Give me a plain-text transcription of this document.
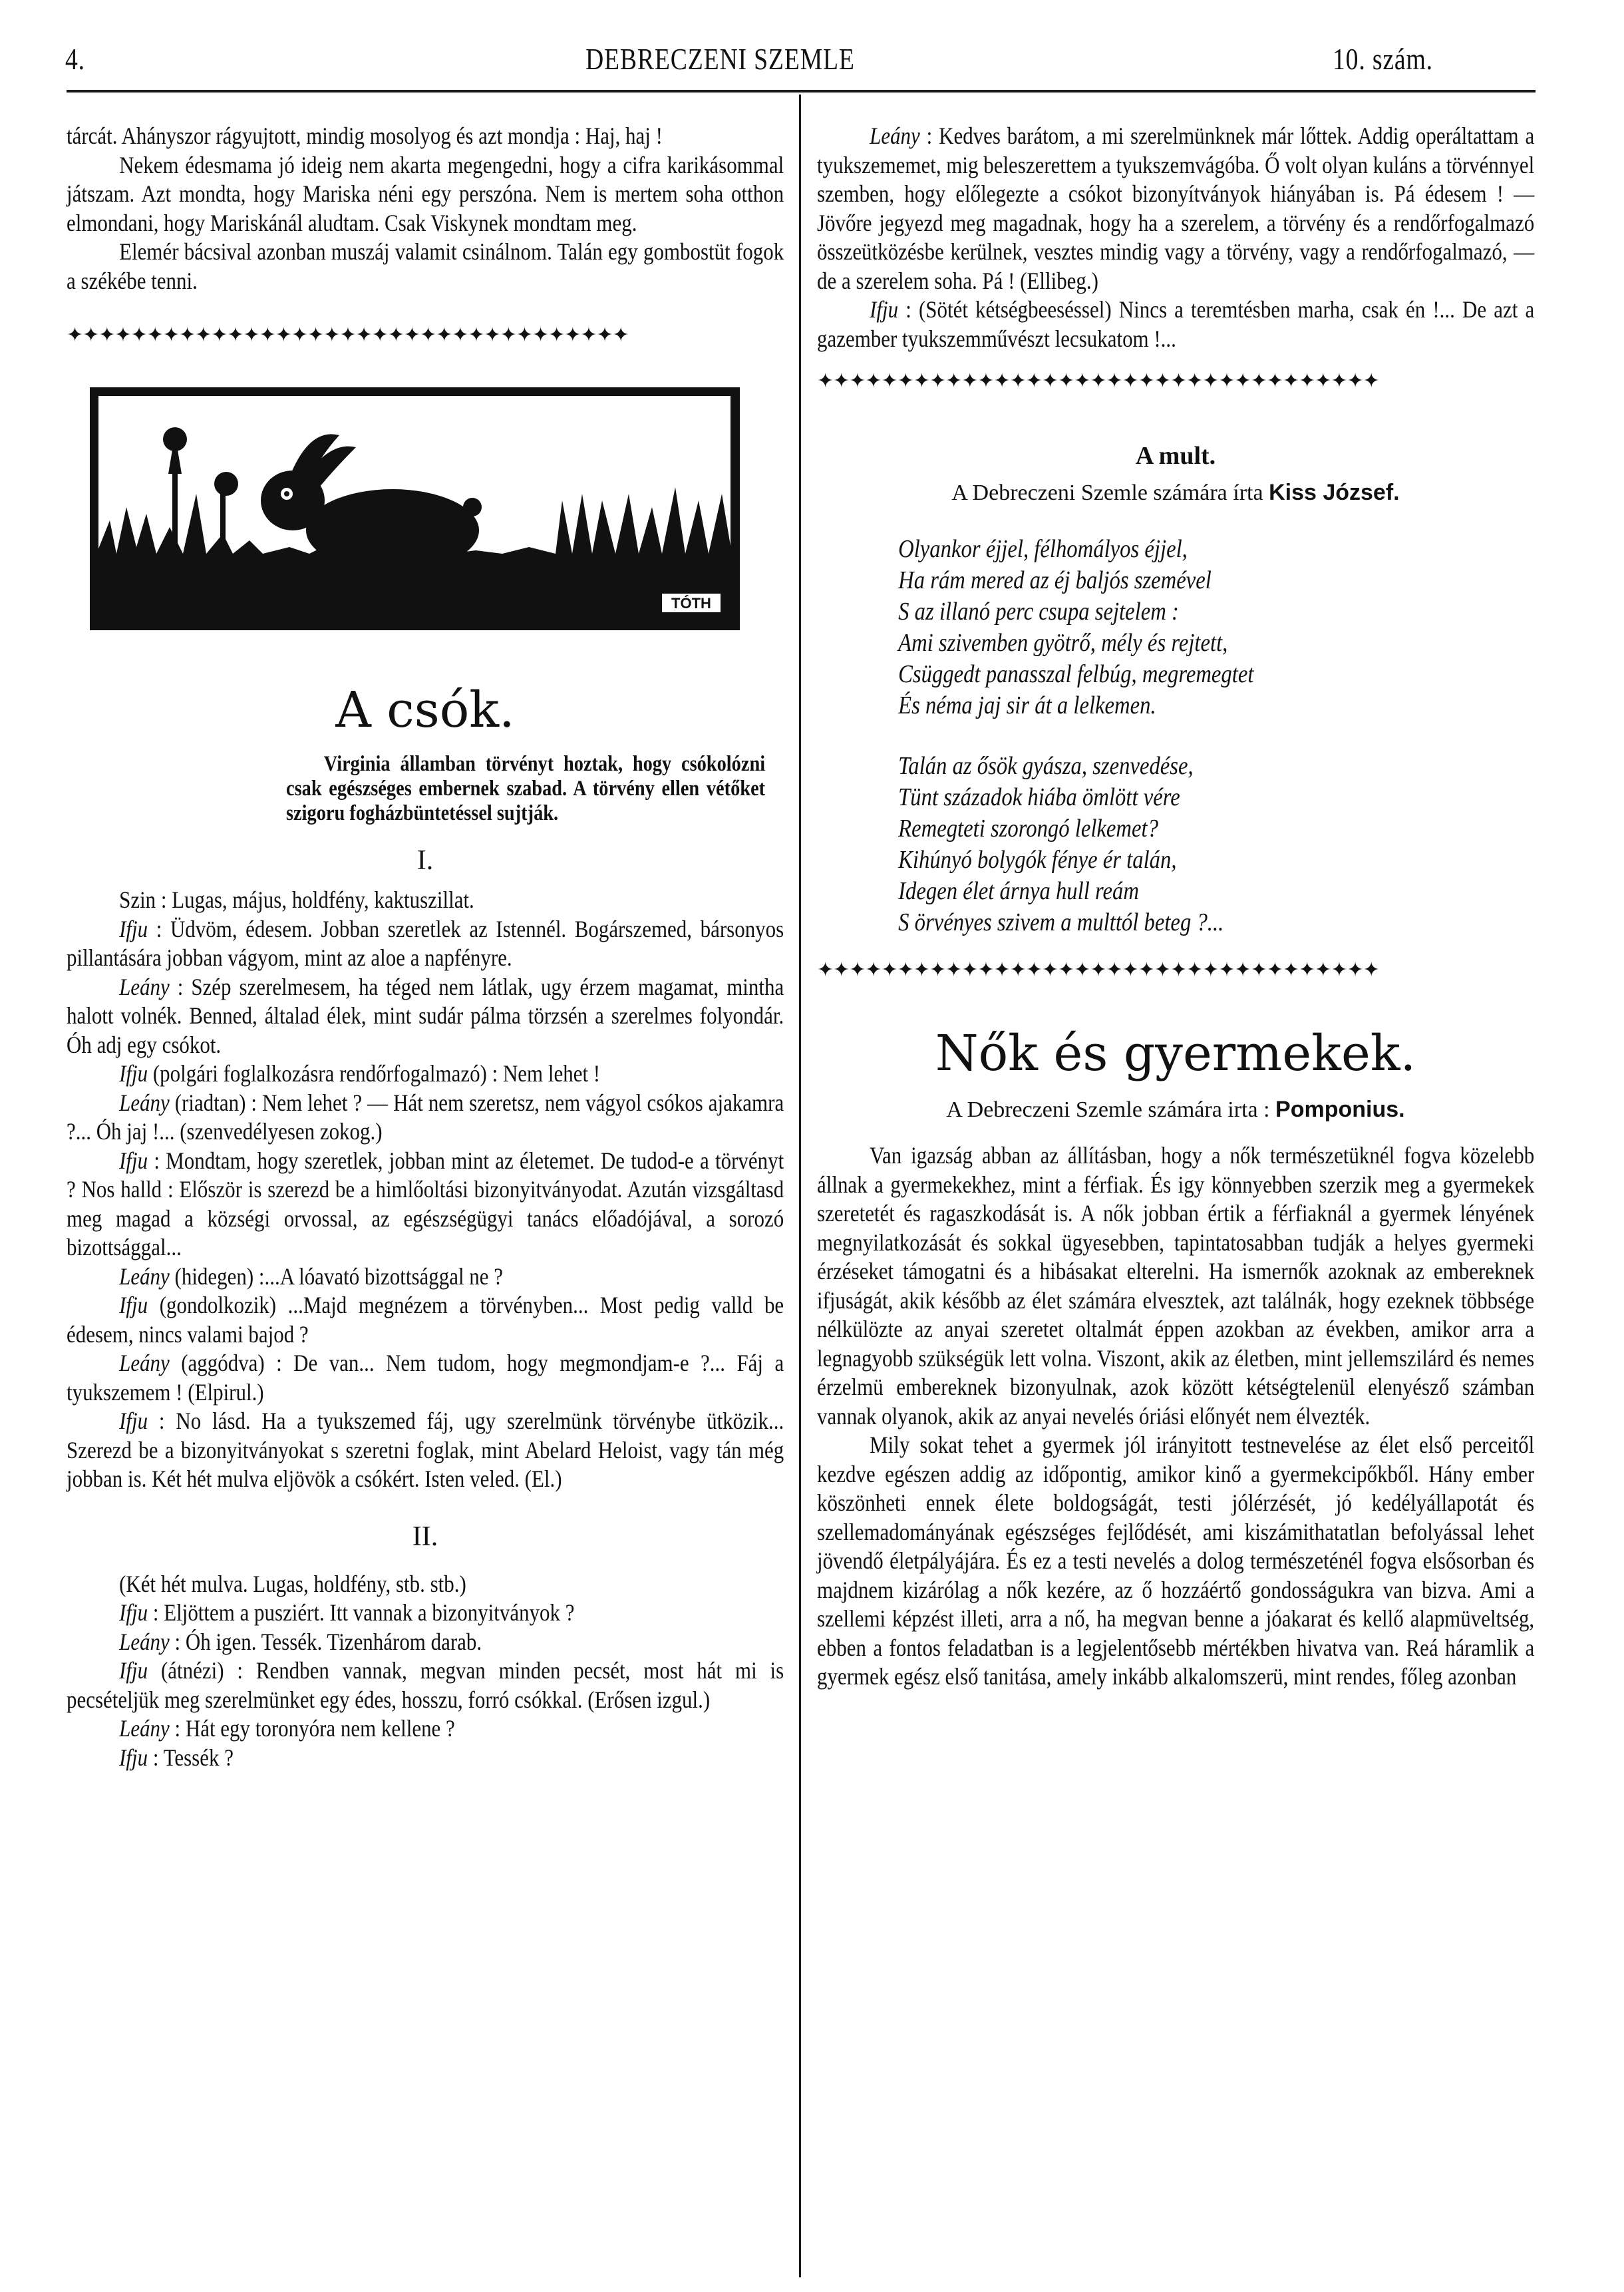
4.	DEBRECZENI SZEMLE	10. szám.

tárcát. Ahányszor rágyujtott, mindig mosolyog és azt mondja : Haj, haj !

Nekem édesmama jó ideig nem akarta megengedni, hogy a cifra karikásommal játszam. Azt mondta, hogy Mariska néni egy perszóna. Nem is mertem soha otthon elmondani, hogy Mariskánál aludtam. Csak Viskynek mondtam meg.

Elemér bácsival azonban muszáj valamit csinálnom. Talán egy gombostüt fogok a székébe tenni.

✦✦✦✦✦✦✦✦✦✦✦✦✦✦✦✦✦✦✦✦✦✦✦✦✦✦✦✦✦✦✦✦✦✦✦

TÓTH

A csók.

Virginia államban törvényt hoztak, hogy csókolózni csak egészséges embernek szabad. A törvény ellen vétőket szigoru fogházbüntetéssel sujtják.

I.

Szin : Lugas, május, holdfény, kaktuszillat.

Ifju : Üdvöm, édesem. Jobban szeretlek az Istennél. Bogárszemed, bársonyos pillantására jobban vágyom, mint az aloe a napfényre.

Leány : Szép szerelmesem, ha téged nem látlak, ugy érzem magamat, mintha halott volnék. Benned, általad élek, mint sudár pálma törzsén a szerelmes folyondár. Óh adj egy csókot.

Ifju (polgári foglalkozásra rendőrfogalmazó) : Nem lehet !

Leány (riadtan) : Nem lehet ? — Hát nem szeretsz, nem vágyol csókos ajakamra ?... Óh jaj !... (szenvedélyesen zokog.)

Ifju : Mondtam, hogy szeretlek, jobban mint az életemet. De tudod-e a törvényt ? Nos halld : Először is szerezd be a himlőoltási bizonyitványodat. Azután vizsgáltasd meg magad a községi orvossal, az egészségügyi tanács előadójával, a sorozó bizottsággal...

Leány (hidegen) :...A lóavató bizottsággal ne ?

Ifju (gondolkozik) ...Majd megnézem a törvényben... Most pedig valld be édesem, nincs valami bajod ?

Leány (aggódva) : De van... Nem tudom, hogy megmondjam-e ?... Fáj a tyukszemem ! (Elpirul.)

Ifju : No lásd. Ha a tyukszemed fáj, ugy szerelmünk törvénybe ütközik... Szerezd be a bizonyitványokat s szeretni foglak, mint Abelard Heloist, vagy tán még jobban is. Két hét mulva eljövök a csókért. Isten veled. (El.)

II.

(Két hét mulva. Lugas, holdfény, stb. stb.)

Ifju : Eljöttem a pusziért. Itt vannak a bizonyitványok ?

Leány : Óh igen. Tessék. Tizenhárom darab.

Ifju (átnézi) : Rendben vannak, megvan minden pecsét, most hát mi is pecsételjük meg szerelmünket egy édes, hosszu, forró csókkal. (Erősen izgul.)

Leány : Hát egy toronyóra nem kellene ?

Ifju : Tessék ?

Leány : Kedves barátom, a mi szerelmünknek már lőttek. Addig operáltattam a tyukszememet, mig beleszerettem a tyukszemvágóba. Ő volt olyan kuláns a törvénnyel szemben, hogy előlegezte a csókot bizonyítványok hiányában is. Pá édesem ! — Jövőre jegyezd meg magadnak, hogy ha a szerelem, a törvény és a rendőrfogalmazó összeütközésbe kerülnek, vesztes mindig vagy a törvény, vagy a rendőrfogalmazó, — de a szerelem soha. Pá ! (Ellibeg.)

Ifju : (Sötét kétségbeeséssel) Nincs a teremtésben marha, csak én !... De azt a gazember tyukszemművészt lecsukatom !...

✦✦✦✦✦✦✦✦✦✦✦✦✦✦✦✦✦✦✦✦✦✦✦✦✦✦✦✦✦✦✦✦✦✦✦

A mult.

A Debreczeni Szemle számára írta Kiss József.

Olyankor éjjel, félhomályos éjjel,

Ha rám mered az éj baljós szemével

S az illanó perc csupa sejtelem :

Ami szivemben gyötrő, mély és rejtett,

Csüggedt panasszal felbúg, megremegtet

És néma jaj sir át a lelkemen.

Talán az ősök gyásza, szenvedése,

Tünt századok hiába ömlött vére

Remegteti szorongó lelkemet?

Kihúnyó bolygók fénye ér talán,

Idegen élet árnya hull reám

S örvényes szivem a multtól beteg ?...

✦✦✦✦✦✦✦✦✦✦✦✦✦✦✦✦✦✦✦✦✦✦✦✦✦✦✦✦✦✦✦✦✦✦✦

Nők és gyermekek.

A Debreczeni Szemle számára irta : Pomponius.

Van igazság abban az állításban, hogy a nők természetüknél fogva közelebb állnak a gyermekekhez, mint a férfiak. És igy könnyebben szerzik meg a gyermekek szeretetét és ragaszkodását is. A nők jobban értik a férfiaknál a gyermek lényének megnyilatkozását és sokkal ügyesebben, tapintatosabban tudják a helyes gyermeki érzéseket támogatni és a hibásakat elterelni. Ha ismernők azoknak az embereknek ifjuságát, akik később az élet számára elvesztek, azt találnák, hogy ezeknek többsége nélkülözte az anyai szeretet oltalmát éppen azokban az években, amikor arra a legnagyobb szükségük lett volna. Viszont, akik az életben, mint jellemszilárd és nemes érzelmü embereknek bizonyulnak, azok között kétségtelenül elenyésző számban vannak olyanok, akik az anyai nevelés óriási előnyét nem élvezték.

Mily sokat tehet a gyermek jól irányitott testnevelése az élet első perceitől kezdve egészen addig az időpontig, amikor kinő a gyermekcipőkből. Hány ember köszönheti ennek élete boldogságát, testi jólérzését, jó kedélyállapotát és szellemadományának egészséges fejlődését, ami kiszámithatatlan befolyással lehet jövendő életpályájára. És ez a testi nevelés a dolog természeténél fogva elsősorban és majdnem kizárólag a nők kezére, az ő hozzáértő gondosságukra van bizva. Ami a szellemi képzést illeti, arra a nő, ha megvan benne a jóakarat és kellő alapmüveltség, ebben a fontos feladatban is a legjelentősebb mértékben hivatva van. Reá háramlik a gyermek egész első tanitása, amely inkább alkalomszerü, mint rendes, főleg azonban
